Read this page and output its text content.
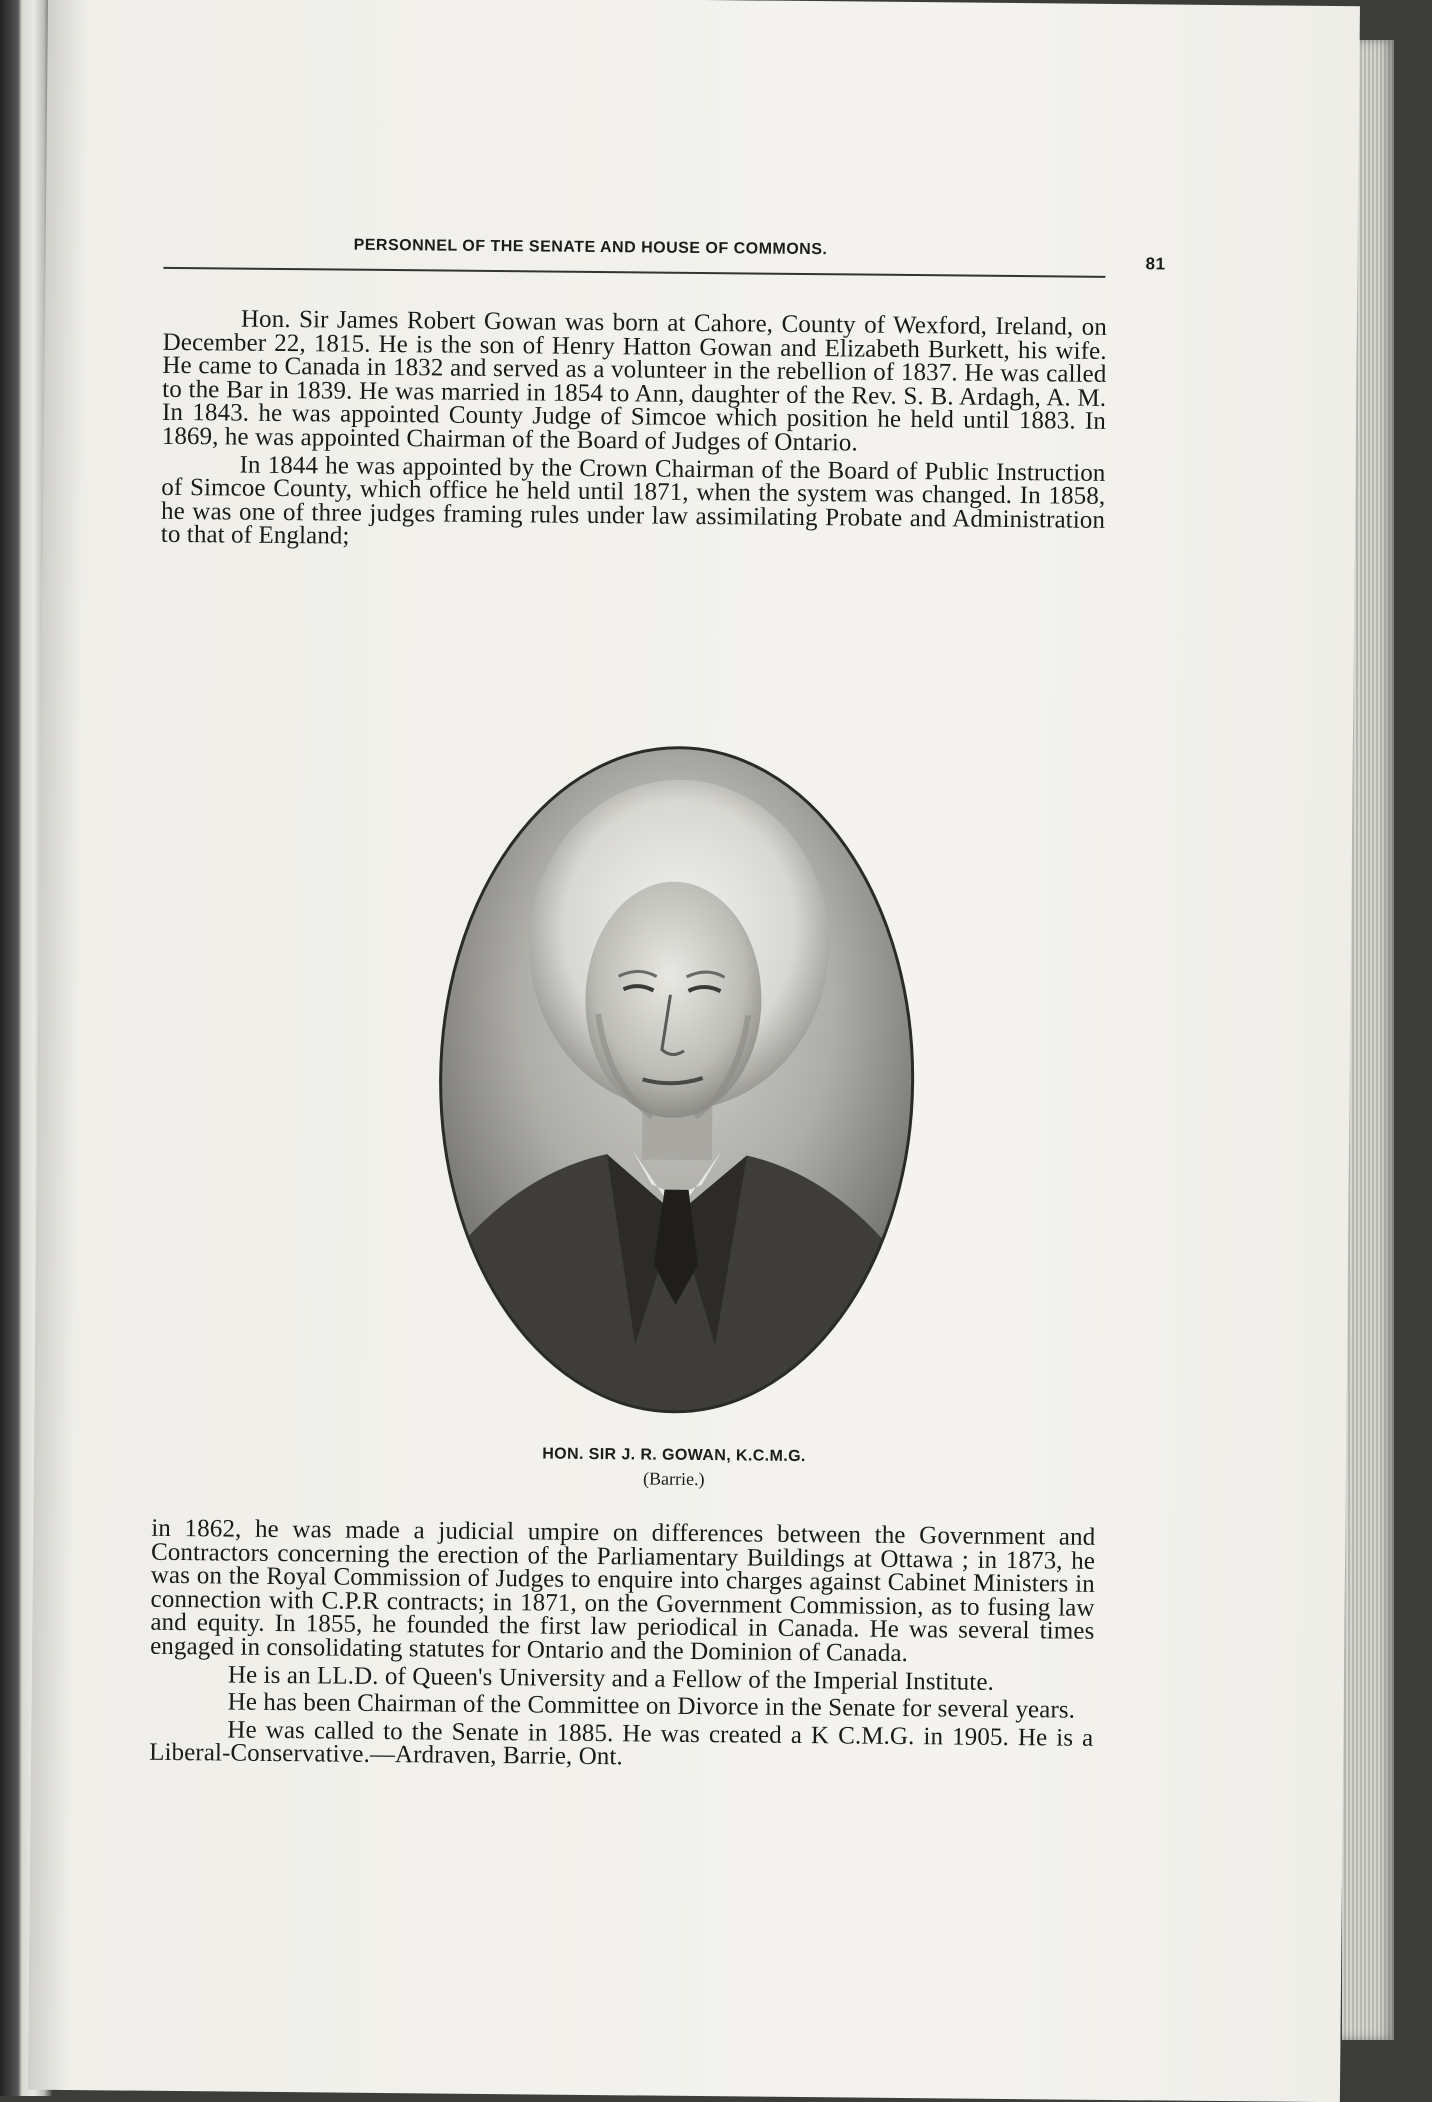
PERSONNEL OF THE SENATE AND HOUSE OF COMMONS.
81

Hon. Sir James Robert Gowan was born at Cahore, County of Wexford, Ireland, on December 22, 1815. He is the son of Henry Hatton Gowan and Elizabeth Burkett, his wife. He came to Canada in 1832 and served as a volunteer in the rebellion of 1837. He was called to the Bar in 1839. He was married in 1854 to Ann, daughter of the Rev. S. B. Ardagh, A. M. In 1843. he was appointed County Judge of Simcoe which position he held until 1883. In 1869, he was appointed Chairman of the Board of Judges of Ontario.

In 1844 he was appointed by the Crown Chairman of the Board of Public Instruction of Simcoe County, which office he held until 1871, when the system was changed. In 1858, he was one of three judges framing rules under law assimilating Probate and Administration to that of England;

HON. SIR J. R. GOWAN, K.C.M.G.
(Barrie.)

in 1862, he was made a judicial umpire on differences between the Government and Contractors concerning the erection of the Parliamentary Buildings at Ottawa ; in 1873, he was on the Royal Commission of Judges to enquire into charges against Cabinet Ministers in connection with C.P.R contracts; in 1871, on the Government Commission, as to fusing law and equity. In 1855, he founded the first law periodical in Canada. He was several times engaged in consolidating statutes for Ontario and the Dominion of Canada.

He is an LL.D. of Queen's University and a Fellow of the Imperial Institute.

He has been Chairman of the Committee on Divorce in the Senate for several years.

He was called to the Senate in 1885. He was created a K C.M.G. in 1905. He is a Liberal-Conservative.—Ardraven, Barrie, Ont.
